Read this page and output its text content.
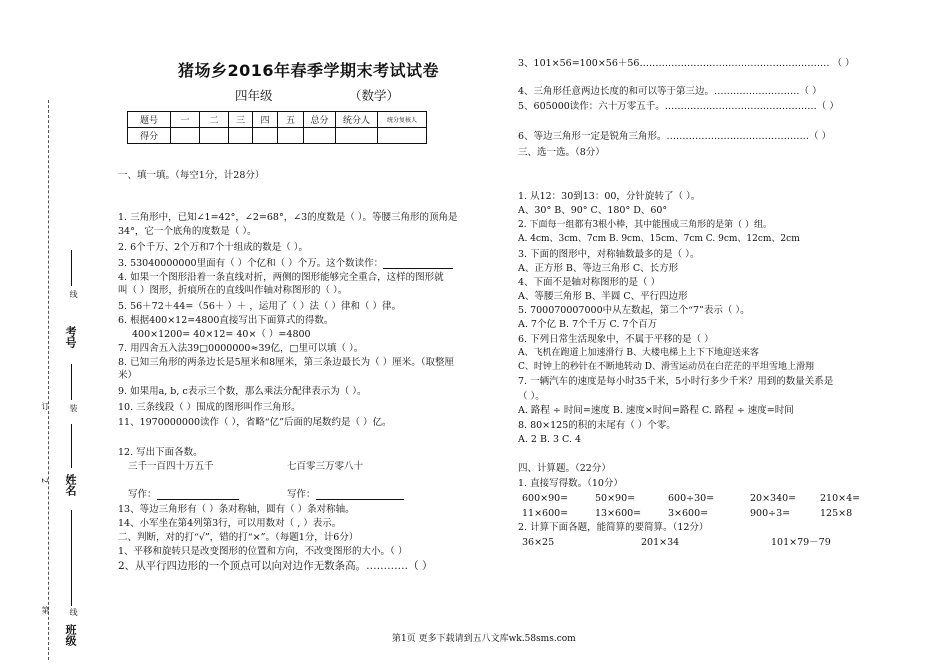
订
2
第
线
考号
装
姓名
线
班级
猪场乡2016年春季学期末考试试卷
四年级	（数学）
题号	一	二	三	四	五	总分	统分人	统分复核人
得分								
一、填一填。（每空1分，计28分）
1. 三角形中，已知∠1=42°，∠2=68°，∠3的度数是（ ）。等腰三角形的顶角是
34°，它一个底角的度数是（ ）。
2. 6个千万、2个万和7个十组成的数是（ ）。
3. 53040000000里面有（ ）个亿和（ ）个万。这个数读作：
4. 如果一个图形沿着一条直线对折，两侧的图形能够完全重合，这样的图形就
叫（ ）图形，折痕所在的直线叫作轴对称图形的（ ）。
5. 56＋72＋44=（56＋ ）＋ ，运用了（ ）法（ ）律和（ ）律。
6. 根据400×12=4800直接写出下面算式的得数。
400×1200= 40×12= 40×（ ）=4800
7. 用四舍五入法39□0000000≈39亿，□里可以填（ ）。
8. 已知三角形的两条边长是5厘米和8厘米，第三条边最长为（ ）厘米。（取整厘
米）
9. 如果用a, b, c表示三个数，那么乘法分配律表示为（ ）。
10. 三条线段（ ）围成的图形叫作三角形。
11、1970000000读作（ ），省略“亿”后面的尾数约是（ ）亿。
12. 写出下面各数。
三千一百四十万五千	七百零三万零八十
写作：	写作：
13、等边三角形有（ ）条对称轴，圆有（ ）条对称轴。
14、小军坐在第4列第3行，可以用数对（ , ）表示。
二、判断，对的打“√”，错的打“×”。（每题1分，计6分）
1、平移和旋转只是改变图形的位置和方向，不改变图形的大小。（ ）
2、从平行四边形的一个顶点可以向对边作无数条高。…………（ ）
3、101×56=100×56＋56…………………………………………………… （ ）
4、三角形任意两边长度的和可以等于第三边。………………………（ ）
5、605000读作：六十万零五千。…………………………………………（ ）
6、等边三角形一定是锐角三角形。………………………………………（ ）
三、选一选。（8分）
1. 从12：30到13：00，分针旋转了（ ）。
A、30° B、90° C、180° D、60°
2. 下面每一组都有3根小棒，其中能围成三角形的是第（ ）组。
A. 4cm、3cm、7cm B. 9cm、15cm、7cm C. 9cm、12cm、2cm
3. 下面的图形中，对称轴数最多的是（ ）。
A、正方形 B、等边三角形 C、长方形
4、下面不是轴对称图形的是（ ）
A、等腰三角形 B、半圆 C、平行四边形
5. 700070007000中从左数起，第二个“7”表示（ ）。
A. 7个亿 B. 7个千万 C. 7个百万
6. 下列日常生活现象中，不属于平移的是（ ）
A、飞机在跑道上加速滑行 B、大楼电梯上上下下地迎送来客
C、时钟上的秒针在不断地转动 D、滑雪运动员在白茫茫的平坦雪地上滑翔
7. 一辆汽车的速度是每小时35千米，5小时行多少千米？用到的数量关系是
（ ）。
A. 路程 ÷ 时间=速度 B. 速度×时间=路程 C. 路程 ÷ 速度=时间
8. 80×125的积的末尾有（ ）个零。
A. 2 B. 3 C. 4
四、计算题。（22分）
1. 直接写得数。（10分）
600×90=	50×90=	600÷30=	20×340=	210×4=
11×600=	13×600=	3×600=	900÷3=	125×8
2. 计算下面各题，能简算的要简算。（12分）
36×25	201×34	101×79－79
第1页 更多下载请到五八文库wk.58sms.com
